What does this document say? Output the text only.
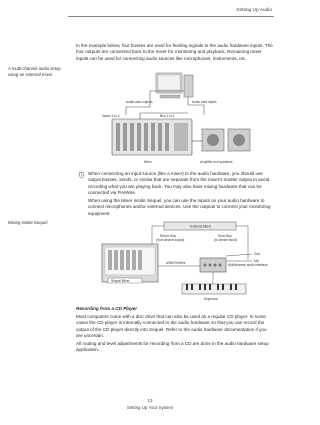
Setting Up Audio

In the example below, four busses are used for feeding signals to the audio hardware inputs. The four outputs are connected back to the mixer for monitoring and playback. Remaining mixer inputs can be used for connecting audio sources like microphones, instruments, etc.

A multi-channel audio setup using an external mixer

Audio card outputs	Audio card inputs
Inputs 1 to 4	Bus 1 to 4
Mixer	Amplifier and speakers

When connecting an input source (like a mixer) to the audio hardware, you should use output busses, sends, or similar that are separate from the mixer's master output to avoid recording what you are playing back. You may also have mixing hardware that can be connected via FireWire.

When using the Mixer inside Sequel, you can use the inputs on your audio hardware to connect microphones and/or external devices. Use the outputs to connect your monitoring equipment.

Mixing inside Sequel

External Effect
Return Bus
(from device output)
Send Bus
(to device input)
Sequel Mixer
USB/FireWire	Multichannel audio interface
Mic
Guit.
Keyboard

Recording from a CD Player

Most computers come with a disc drive that can also be used as a regular CD player. In some cases the CD player is internally connected to the audio hardware so that you can record the output of the CD player directly into Sequel. Refer to the audio hardware documentation if you are uncertain.

All routing and level adjustments for recording from a CD are done in the audio hardware setup application.

13
Setting Up Your System
